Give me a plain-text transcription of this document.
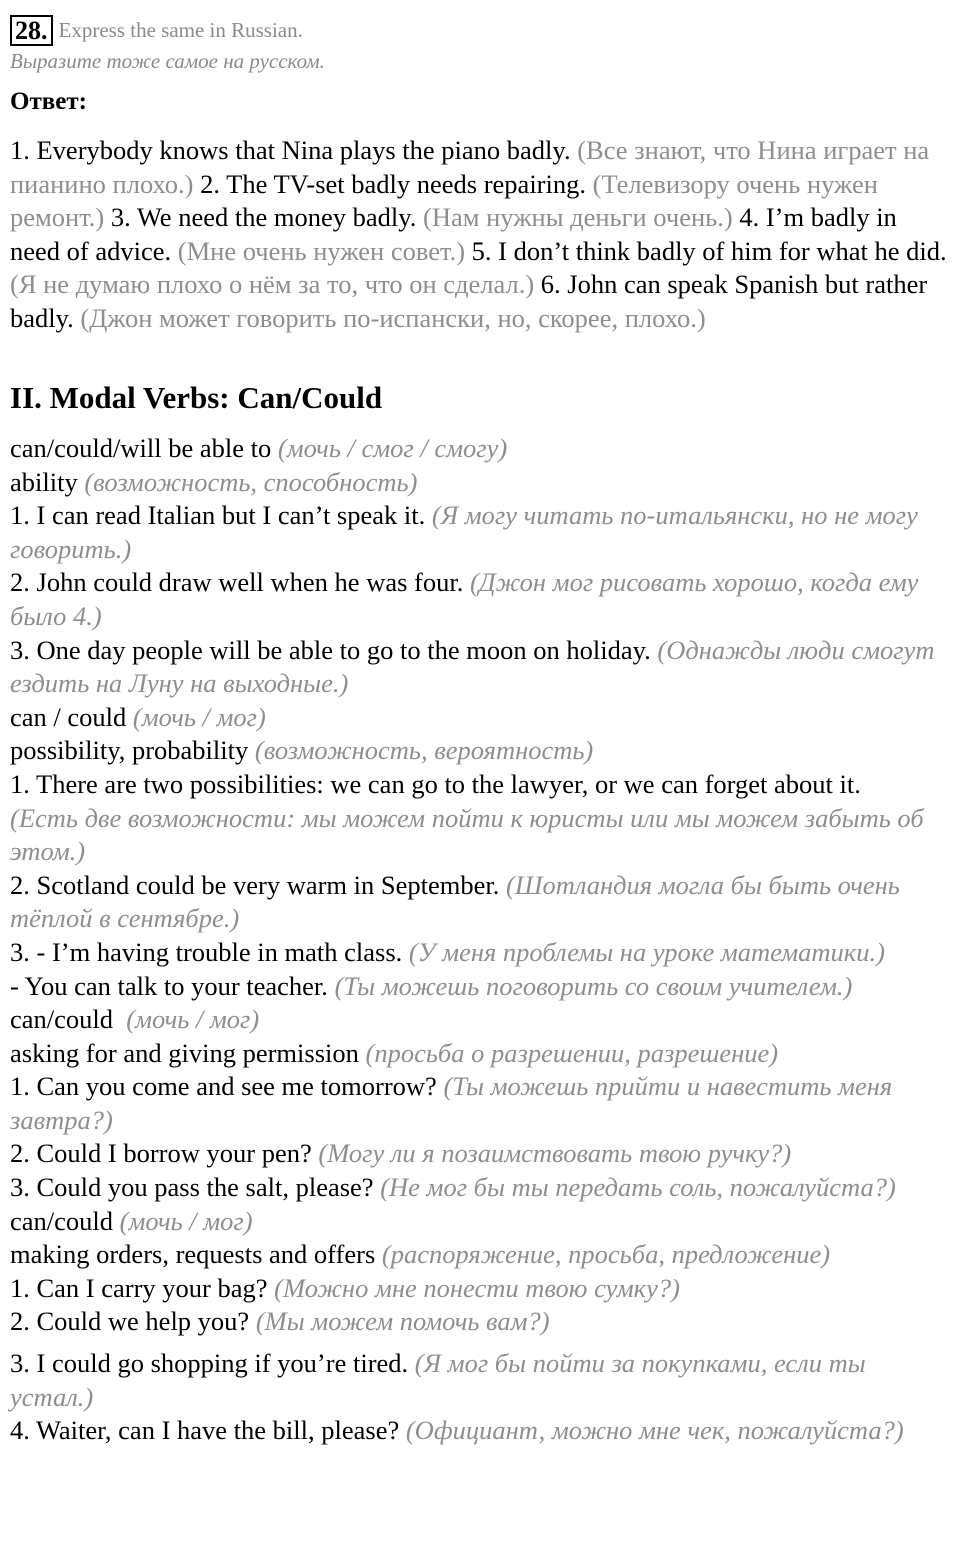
28. Express the same in Russian.
Выразите тоже самое на русском.
Ответ:
1. Everybody knows that Nina plays the piano badly. (Все знают, что Нина играет на пианино плохо.) 2. The TV-set badly needs repairing. (Телевизору очень нужен ремонт.) 3. We need the money badly. (Нам нужны деньги очень.) 4. I’m badly in need of advice. (Мне очень нужен совет.) 5. I don’t think badly of him for what he did. (Я не думаю плохо о нём за то, что он сделал.) 6. John can speak Spanish but rather badly. (Джон может говорить по-испански, но, скорее, плохо.)
II. Modal Verbs: Can/Could
can/could/will be able to (мочь / смог / смогу)
ability (возможность, способность)
1. I can read Italian but I can’t speak it. (Я могу читать по-итальянски, но не могу говорить.)
2. John could draw well when he was four. (Джон мог рисовать хорошо, когда ему было 4.)
3. One day people will be able to go to the moon on holiday. (Однажды люди смогут ездить на Луну на выходные.)
can / could (мочь / мог)
possibility, probability (возможность, вероятность)
1. There are two possibilities: we can go to the lawyer, or we can forget about it.
(Есть две возможности: мы можем пойти к юристы или мы можем забыть об этом.)
2. Scotland could be very warm in September. (Шотландия могла бы быть очень тёплой в сентябре.)
3. - I’m having trouble in math class. (У меня проблемы на уроке математики.)
- You can talk to your teacher. (Ты можешь поговорить со своим учителем.)
can/could (мочь / мог)
asking for and giving permission (просьба о разрешении, разрешение)
1. Can you come and see me tomorrow? (Ты можешь прийти и навестить меня завтра?)
2. Could I borrow your pen? (Могу ли я позаимствовать твою ручку?)
3. Could you pass the salt, please? (Не мог бы ты передать соль, пожалуйста?)
can/could (мочь / мог)
making orders, requests and offers (распоряжение, просьба, предложение)
1. Can I carry your bag? (Можно мне понести твою сумку?)
2. Could we help you? (Мы можем помочь вам?)
3. I could go shopping if you’re tired. (Я мог бы пойти за покупками, если ты устал.)
4. Waiter, can I have the bill, please? (Официант, можно мне чек, пожалуйста?)
